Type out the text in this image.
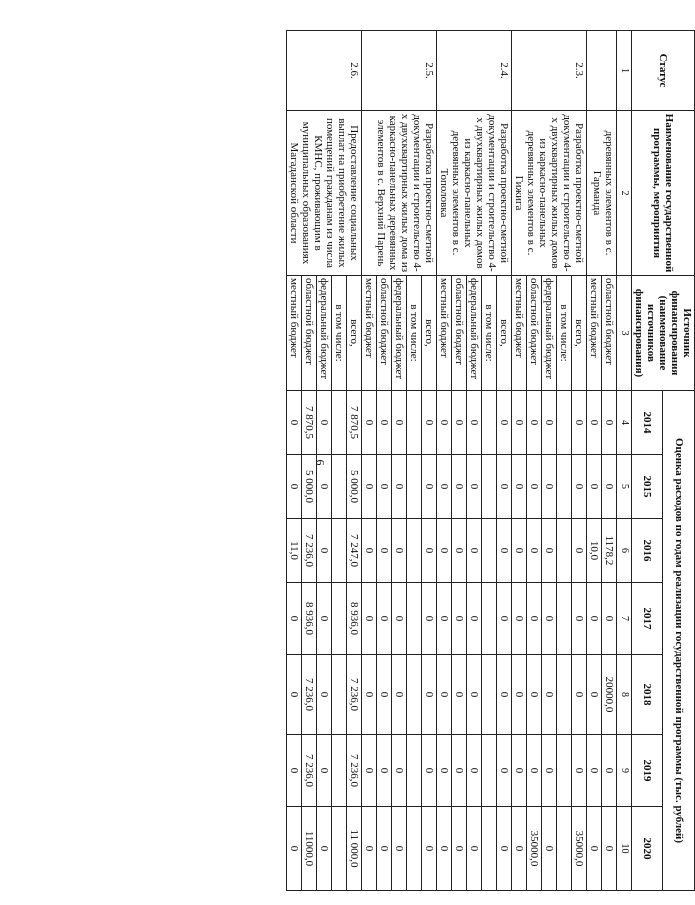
6
Статус	Наименование государственной программы, мероприятия	Источник финансирования (наименование источников финансирования)	Оценка расходов по годам реализации государственной программы (тыс. рублей)						
			2014	2015	2016	2017	2018	2019	2020
1	2	3	4	5	6	7	8	9	10
	деревянных элементов в с. Гарманда	областной бюджет	0	0	1178,2	0	20000,0	0	0
		местный бюджет	0	0	10,0	0	0	0	0
2.3.	Разработка проектно-сметной документации и строительство 4-х двухквартирных жилых домов из каркасно-панельных деревянных элементов в с. Гижига	всего,	0	0	0	0	0	0	35000,0
		в том числе:							
		федеральный бюджет	0	0	0	0	0	0	0
		областной бюджет	0	0	0	0	0	0	35000,0
		местный бюджет	0	0	0	0	0	0	0
2.4.	Разработка проектно-сметной документации и строительство 4-х двухквартирных жилых домов из каркасно-панельных деревянных элементов в с. Тополовка	всего,	0	0	0	0	0	0	0
		в том числе:							
		федеральный бюджет	0	0	0	0	0	0	0
		областной бюджет	0	0	0	0	0	0	0
		местный бюджет	0	0	0	0	0	0	0
2.5.	Разработка проектно-сметной документации и строительство 4-х двухквартирных жилых дома из каркасно-панельных деревянных элементов в с. Верхний Парень	всего,	0	0	0	0	0	0	0
		в том числе:							
		федеральный бюджет	0	0	0	0	0	0	0
		областной бюджет	0	0	0	0	0	0	0
		местный бюджет	0	0	0	0	0	0	0
2.6.	Предоставление социальных выплат на приобретение жилых помещений гражданам из числа КМНС, проживающим в муниципальных образованиях Магаданской области	всего,	7 870,5	5 000,0	7 247,0	8 936,0	7 236,0	7 236,0	11 000,0
		в том числе:							
		федеральный бюджет	0	0	0	0	0	0	0
		областной бюджет	7 870,5	5 000,0	7 236,0	8 936,0	7 236,0	7 236,0	11000,0
		местный бюджет	0	0	11,0	0	0	0	0
